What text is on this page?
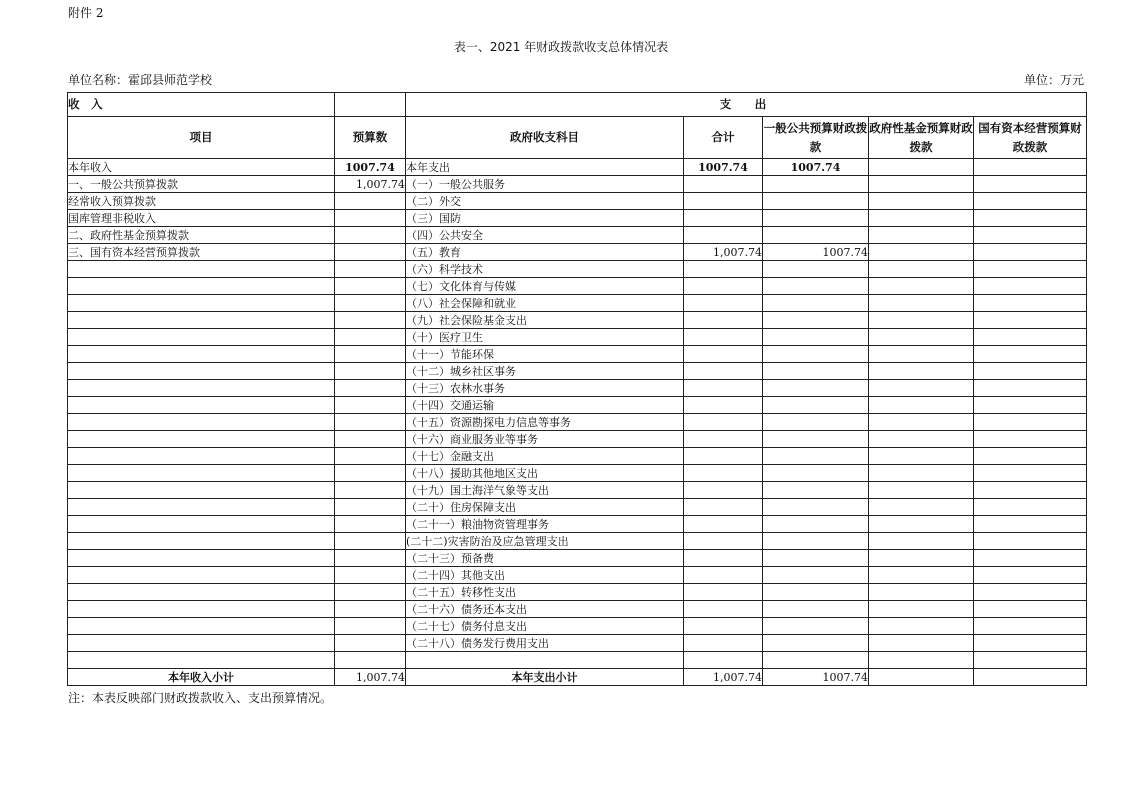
附件 2
表一、2021 年财政拨款收支总体情况表
单位名称：霍邱县师范学校	单位：万元
收　入		支　出				
项目	预算数	政府收支科目	合计	一般公共预算财政拨款	政府性基金预算财政拨款	国有资本经营预算财政拨款
本年收入	1007.74	本年支出	1007.74	1007.74		
一、一般公共预算拨款	1,007.74	（一）一般公共服务				
经常收入预算拨款		（二）外交				
国库管理非税收入		（三）国防				
二、政府性基金预算拨款		（四）公共安全				
三、国有资本经营预算拨款		（五）教育	1,007.74	1007.74		
		（六）科学技术				
		（七）文化体育与传媒				
		（八）社会保障和就业				
		（九）社会保险基金支出				
		（十）医疗卫生				
		（十一）节能环保				
		（十二）城乡社区事务				
		（十三）农林水事务				
		（十四）交通运输				
		（十五）资源勘探电力信息等事务				
		（十六）商业服务业等事务				
		（十七）金融支出				
		（十八）援助其他地区支出				
		（十九）国土海洋气象等支出				
		（二十）住房保障支出				
		（二十一）粮油物资管理事务				
		(二十二)灾害防治及应急管理支出				
		（二十三）预备费				
		（二十四）其他支出				
		（二十五）转移性支出				
		（二十六）债务还本支出				
		（二十七）债务付息支出				
		（二十八）债务发行费用支出				

本年收入小计	1,007.74	本年支出小计	1,007.74	1007.74		
注：本表反映部门财政拨款收入、支出预算情况。
